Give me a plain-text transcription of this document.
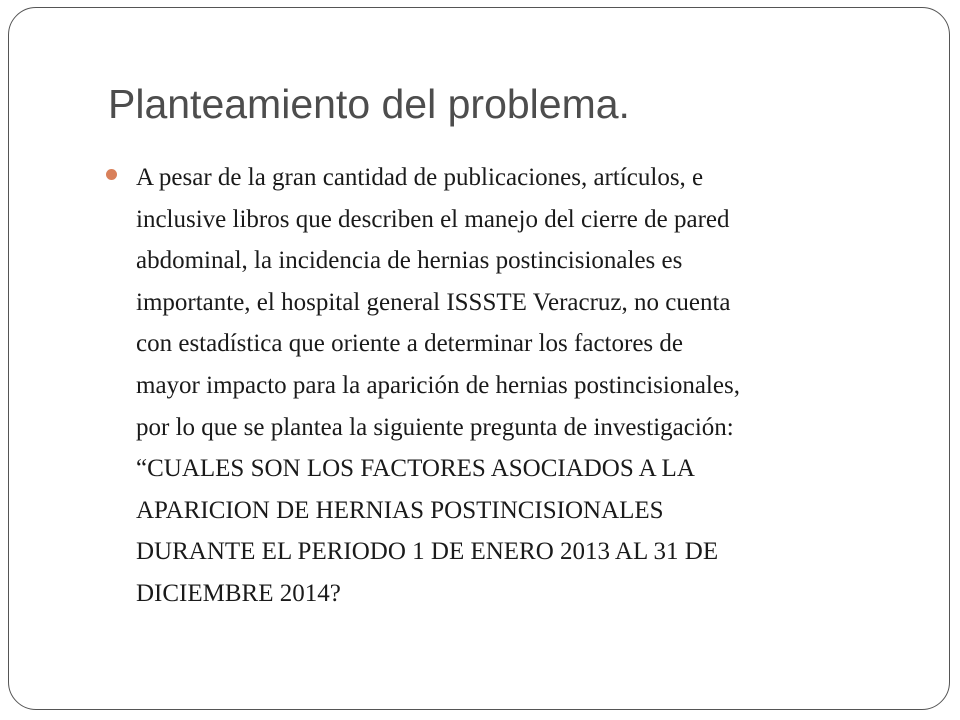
Planteamiento del problema.
A pesar de la gran cantidad de publicaciones, artículos, e
inclusive libros que describen el manejo del cierre de pared
abdominal, la incidencia de hernias postincisionales es
importante, el hospital general ISSSTE Veracruz, no cuenta
con estadística que oriente a determinar los factores de
mayor impacto para la aparición de hernias postincisionales,
por lo que se plantea la siguiente pregunta de investigación:
“CUALES SON LOS FACTORES ASOCIADOS A LA
APARICION DE HERNIAS POSTINCISIONALES
DURANTE EL PERIODO 1 DE ENERO 2013 AL 31 DE
DICIEMBRE 2014?
